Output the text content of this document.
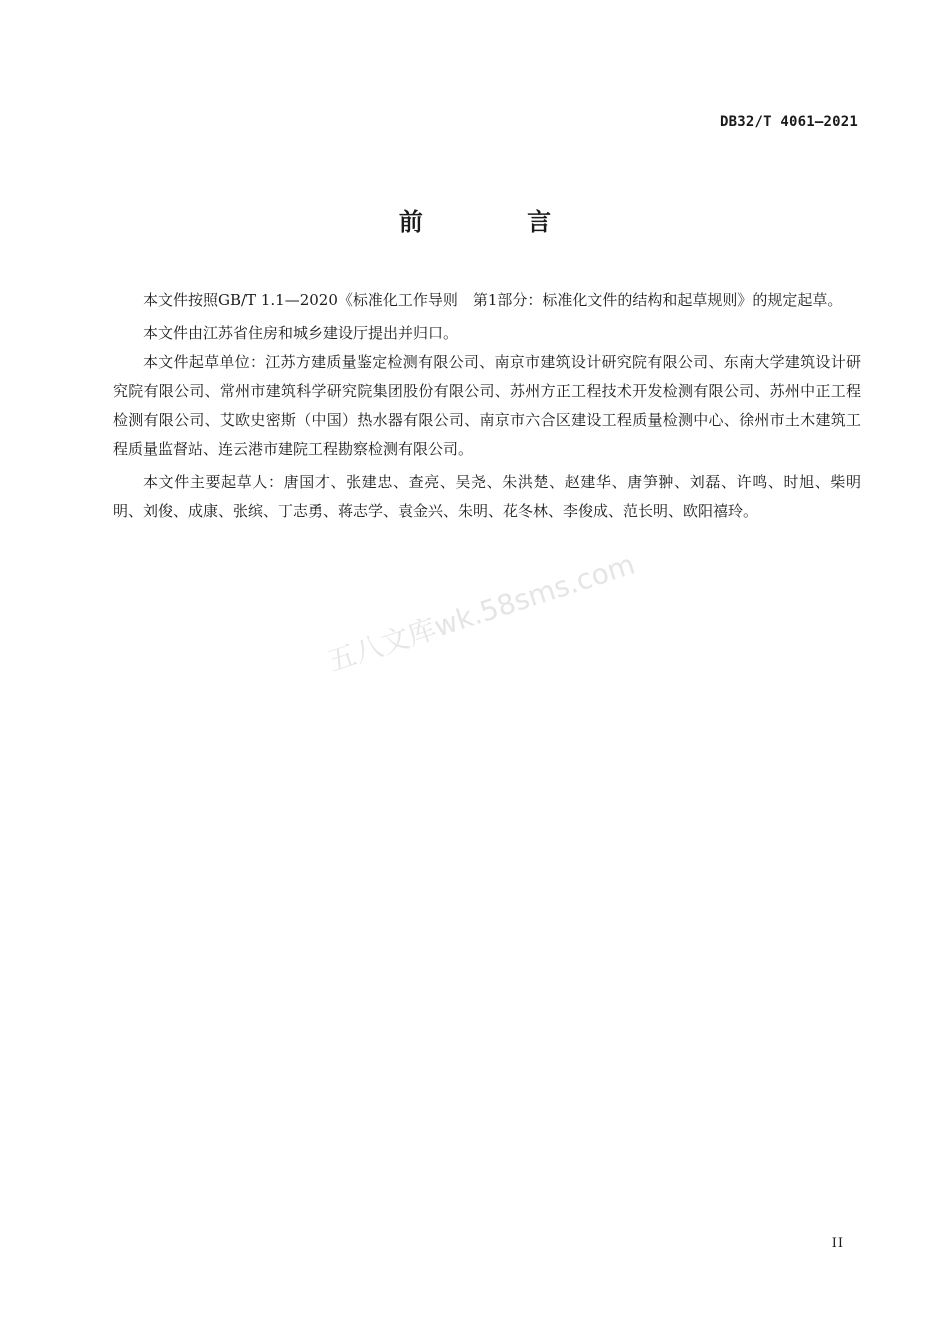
DB32/T 4061—2021
前 言

本文件按照GB/T 1.1—2020《标准化工作导则　第1部分：标准化文件的结构和起草规则》的规定起草。

本文件由江苏省住房和城乡建设厅提出并归口。

本文件起草单位：江苏方建质量鉴定检测有限公司、南京市建筑设计研究院有限公司、东南大学建筑设计研究院有限公司、常州市建筑科学研究院集团股份有限公司、苏州方正工程技术开发检测有限公司、苏州中正工程检测有限公司、艾欧史密斯（中国）热水器有限公司、南京市六合区建设工程质量检测中心、徐州市土木建筑工程质量监督站、连云港市建院工程勘察检测有限公司。

本文件主要起草人：唐国才、张建忠、查亮、吴尧、朱洪楚、赵建华、唐笋翀、刘磊、许鸣、时旭、柴明明、刘俊、成康、张缤、丁志勇、蒋志学、袁金兴、朱明、花冬林、李俊成、范长明、欧阳禧玲。

五八文库wk.58sms.com
II
